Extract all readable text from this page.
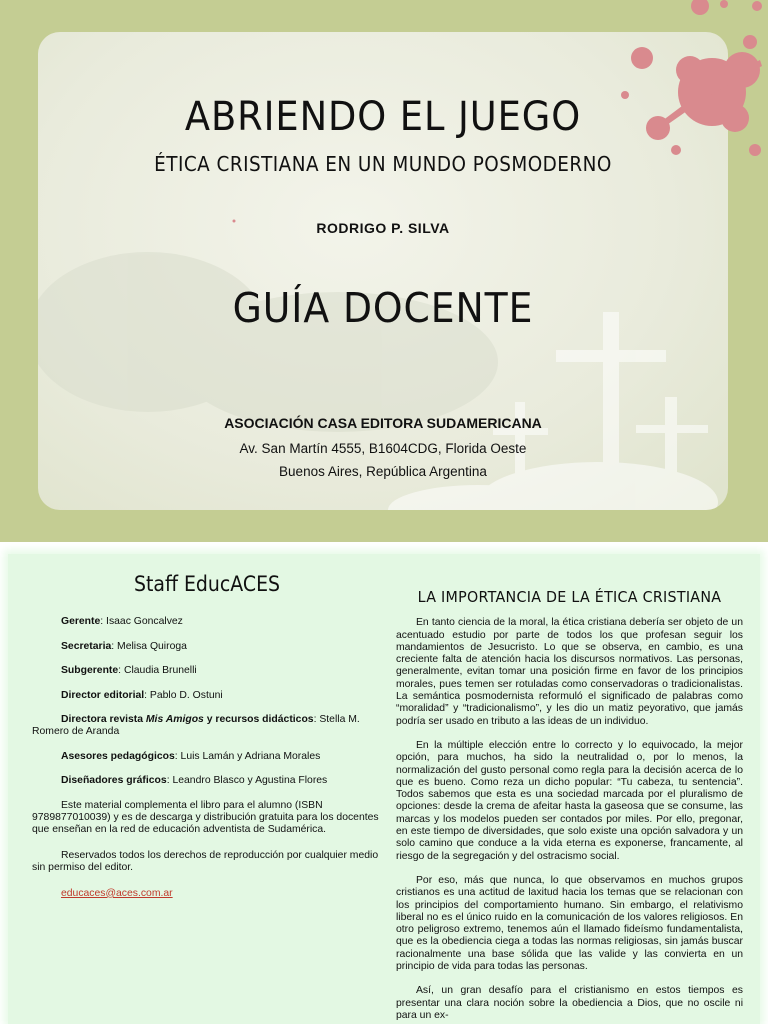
ABRIENDO EL JUEGO
ÉTICA CRISTIANA EN UN MUNDO POSMODERNO
RODRIGO P. SILVA
GUÍA DOCENTE
ASOCIACIÓN CASA EDITORA SUDAMERICANA
Av. San Martín 4555, B1604CDG, Florida Oeste
Buenos Aires, República Argentina
Staff EducACES
Gerente: Isaac Goncalvez
Secretaria: Melisa Quiroga
Subgerente: Claudia Brunelli
Director editorial: Pablo D. Ostuni
Directora revista Mis Amigos y recursos didácticos: Stella M. Romero de Aranda
Asesores pedagógicos: Luis Lamán y Adriana Morales
Diseñadores gráficos: Leandro Blasco y Agustina Flores

Este material complementa el libro para el alumno (ISBN 9789877010039) y es de descarga y distribución gratuita para los docentes que enseñan en la red de educación adventista de Sudamérica.

Reservados todos los derechos de reproducción por cualquier medio sin permiso del editor.

educaces@aces.com.ar
LA IMPORTANCIA DE LA ÉTICA CRISTIANA

En tanto ciencia de la moral, la ética cristiana debería ser objeto de un acentuado estudio por parte de todos los que profesan seguir los mandamientos de Jesucristo. Lo que se observa, en cambio, es una creciente falta de atención hacia los discursos normativos. Las personas, generalmente, evitan tomar una posición firme en favor de los principios morales, pues temen ser rotuladas como conservadoras o tradicionalistas. La semántica posmodernista reformuló el significado de palabras como “moralidad” y “tradicionalismo”, y les dio un matiz peyorativo, que jamás podría ser usado en tributo a las ideas de un individuo.

En la múltiple elección entre lo correcto y lo equivocado, la mejor opción, para muchos, ha sido la neutralidad o, por lo menos, la normalización del gusto personal como regla para la decisión acerca de lo que es bueno. Como reza un dicho popular: “Tu cabeza, tu sentencia”. Todos sabemos que esta es una sociedad marcada por el pluralismo de opciones: desde la crema de afeitar hasta la gaseosa que se consume, las marcas y los modelos pueden ser contados por miles. Por ello, pregonar, en este tiempo de diversidades, que solo existe una opción salvadora y un solo camino que conduce a la vida eterna es exponerse, francamente, al riesgo de la segregación y del ostracismo social.

Por eso, más que nunca, lo que observamos en muchos grupos cristianos es una actitud de laxitud hacia los temas que se relacionan con los principios del comportamiento humano. Sin embargo, el relativismo liberal no es el único ruido en la comunicación de los valores religiosos. En otro peligroso extremo, tenemos aún el llamado fideísmo fundamentalista, que es la obediencia ciega a todas las normas religiosas, sin jamás buscar racionalmente una base sólida que las valide y las convierta en un principio de vida para todas las personas.

Así, un gran desafío para el cristianismo en estos tiempos es presentar una clara noción sobre la obediencia a Dios, que no oscile ni para un ex-
